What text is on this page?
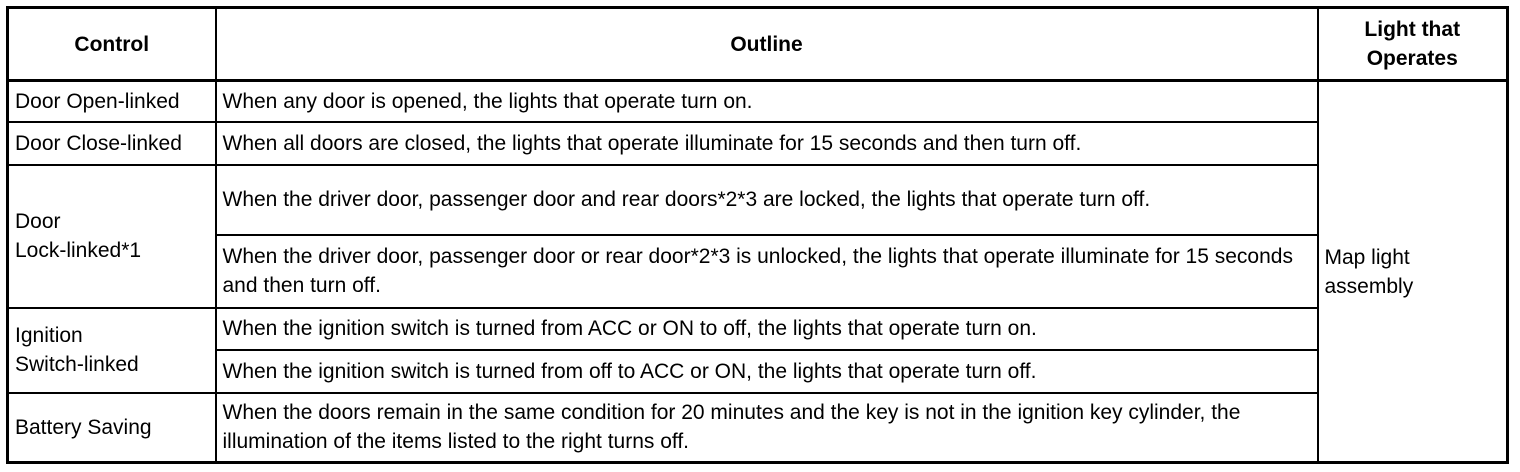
Control	Outline	Light that
Operates
Door Open-linked	When any door is opened, the lights that operate turn on.	Map light
assembly
Door Close-linked	When all doors are closed, the lights that operate illuminate for 15 seconds and then turn off.	
Door
Lock-linked*1	When the driver door, passenger door and rear doors*2*3 are locked, the lights that operate turn off.	
	When the driver door, passenger door or rear door*2*3 is unlocked, the lights that operate illuminate for 15 seconds and then turn off.	
Ignition
Switch-linked	When the ignition switch is turned from ACC or ON to off, the lights that operate turn on.	
	When the ignition switch is turned from off to ACC or ON, the lights that operate turn off.	
Battery Saving	When the doors remain in the same condition for 20 minutes and the key is not in the ignition key cylinder, the illumination of the items listed to the right turns off.	
